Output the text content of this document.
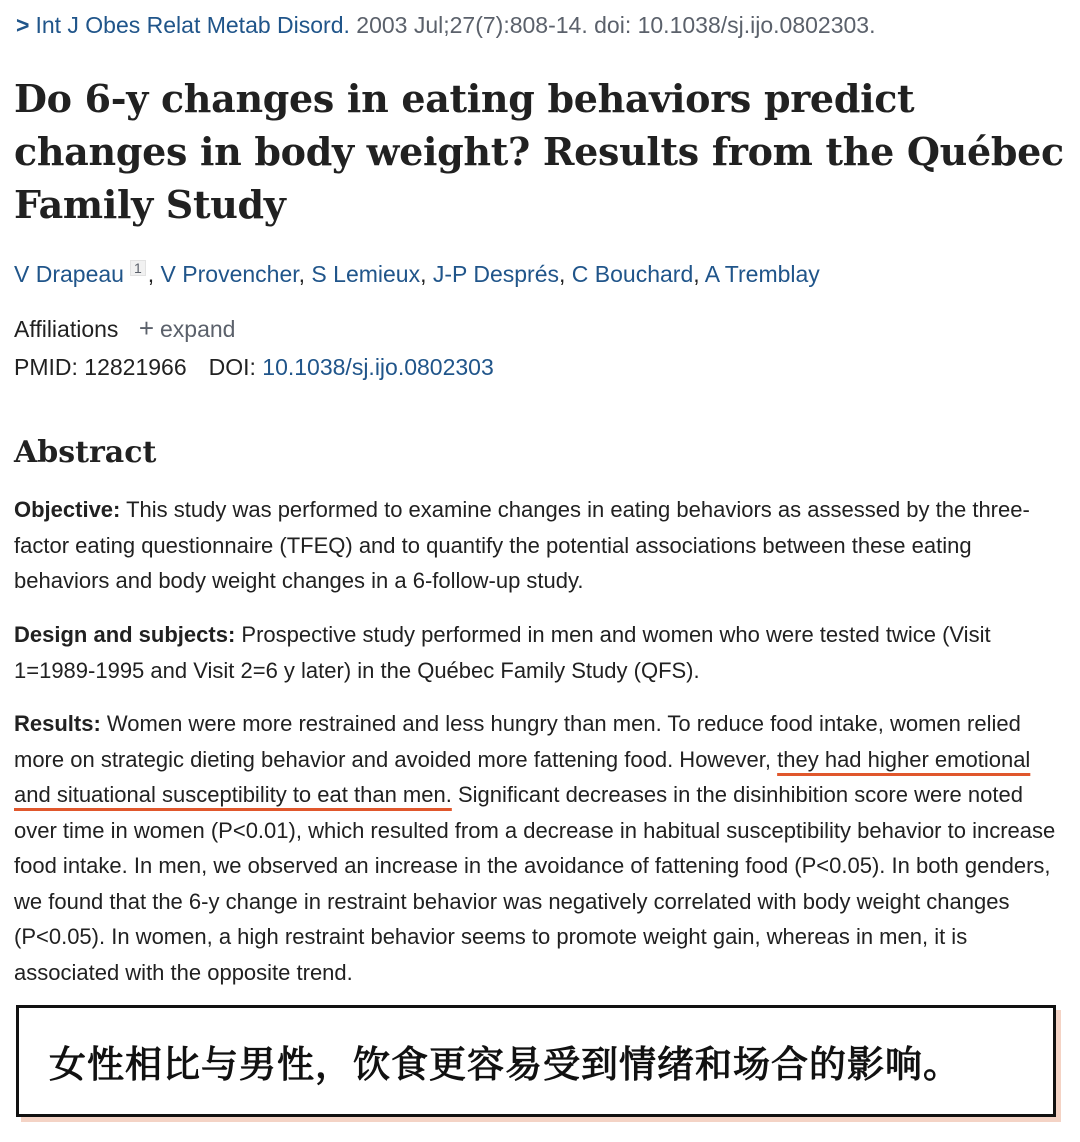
> Int J Obes Relat Metab Disord. 2003 Jul;27(7):808-14. doi: 10.1038/sj.ijo.0802303.
Do 6-y changes in eating behaviors predict changes in body weight? Results from the Québec Family Study
V Drapeau 1 , V Provencher, S Lemieux, J-P Després, C Bouchard, A Tremblay
Affiliations + expand
PMID: 12821966 DOI: 10.1038/sj.ijo.0802303
Abstract

Objective: This study was performed to examine changes in eating behaviors as assessed by the three-factor eating questionnaire (TFEQ) and to quantify the potential associations between these eating behaviors and body weight changes in a 6-follow-up study.

Design and subjects: Prospective study performed in men and women who were tested twice (Visit 1=1989-1995 and Visit 2=6 y later) in the Québec Family Study (QFS).

Results: Women were more restrained and less hungry than men. To reduce food intake, women relied more on strategic dieting behavior and avoided more fattening food. However, they had higher emotional and situational susceptibility to eat than men. Significant decreases in the disinhibition score were noted over time in women (P<0.01), which resulted from a decrease in habitual susceptibility behavior to increase food intake. In men, we observed an increase in the avoidance of fattening food (P<0.05). In both genders, we found that the 6-y change in restraint behavior was negatively correlated with body weight changes (P<0.05). In women, a high restraint behavior seems to promote weight gain, whereas in men, it is associated with the opposite trend.

女性相比与男性，饮食更容易受到情绪和场合的影响。
